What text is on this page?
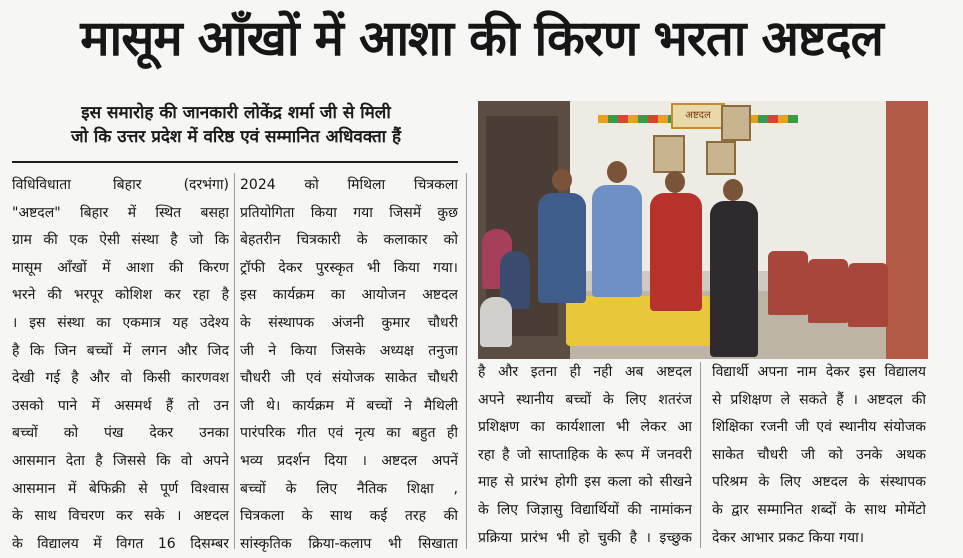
मासूम आँखों में आशा की किरण भरता अष्टदल
इस समारोह की जानकारी लोकेंद्र शर्मा जी से मिली
जो कि उत्तर प्रदेश में वरिष्ठ एवं सम्मानित अधिवक्ता हैं
विधिविधाता बिहार (दरभंगा)
"अष्टदल" बिहार में स्थित बसहा
ग्राम की एक ऐसी संस्था है जो कि
मासूम आँखों में आशा की किरण
भरने की भरपूर कोशिश कर रहा है
। इस संस्था का एकमात्र यह उदेश्य
है कि जिन बच्चों में लगन और जिद
देखी गई है और वो किसी कारणवश
उसको पाने में असमर्थ हैं तो उन
बच्चों को पंख देकर उनका
आसमान देता है जिससे कि वो अपने
आसमान में बेफिक्री से पूर्ण विश्वास
के साथ विचरण कर सके । अष्टदल
के विद्यालय में विगत 16 दिसम्बर
2024 को मिथिला चित्रकला
प्रतियोगिता किया गया जिसमें कुछ
बेहतरीन चित्रकारी के कलाकार को
ट्रॉफी देकर पुरस्कृत भी किया गया।
इस कार्यक्रम का आयोजन अष्टदल
के संस्थापक अंजनी कुमार चौधरी
जी ने किया जिसके अध्यक्ष तनुजा
चौधरी जी एवं संयोजक साकेत चौधरी
जी थे। कार्यक्रम में बच्चों ने मैथिली
पारंपरिक गीत एवं नृत्य का बहुत ही
भव्य प्रदर्शन दिया । अष्टदल अपनें
बच्चों के लिए नैतिक शिक्षा ,
चित्रकला के साथ कई तरह की
सांस्कृतिक क्रिया-कलाप भी सिखाता
है और इतना ही नही अब अष्टदल
अपने स्थानीय बच्चों के लिए शतरंज
प्रशिक्षण का कार्यशाला भी लेकर आ
रहा है जो साप्ताहिक के रूप में जनवरी
माह से प्रारंभ होगी इस कला को सीखने
के लिए जिज्ञासु विद्यार्थियों की नामांकन
प्रक्रिया प्रारंभ भी हो चुकी है । इच्छुक
विद्यार्थी अपना नाम देकर इस विद्यालय
से प्रशिक्षण ले सकते हैं । अष्टदल की
शिक्षिका रजनी जी एवं स्थानीय संयोजक
साकेत चौधरी जी को उनके अथक
परिश्रम के लिए अष्टदल के संस्थापक
के द्वार सम्मानित शब्दों के साथ मोमेंटो
देकर आभार प्रकट किया गया।
अष्टदल
